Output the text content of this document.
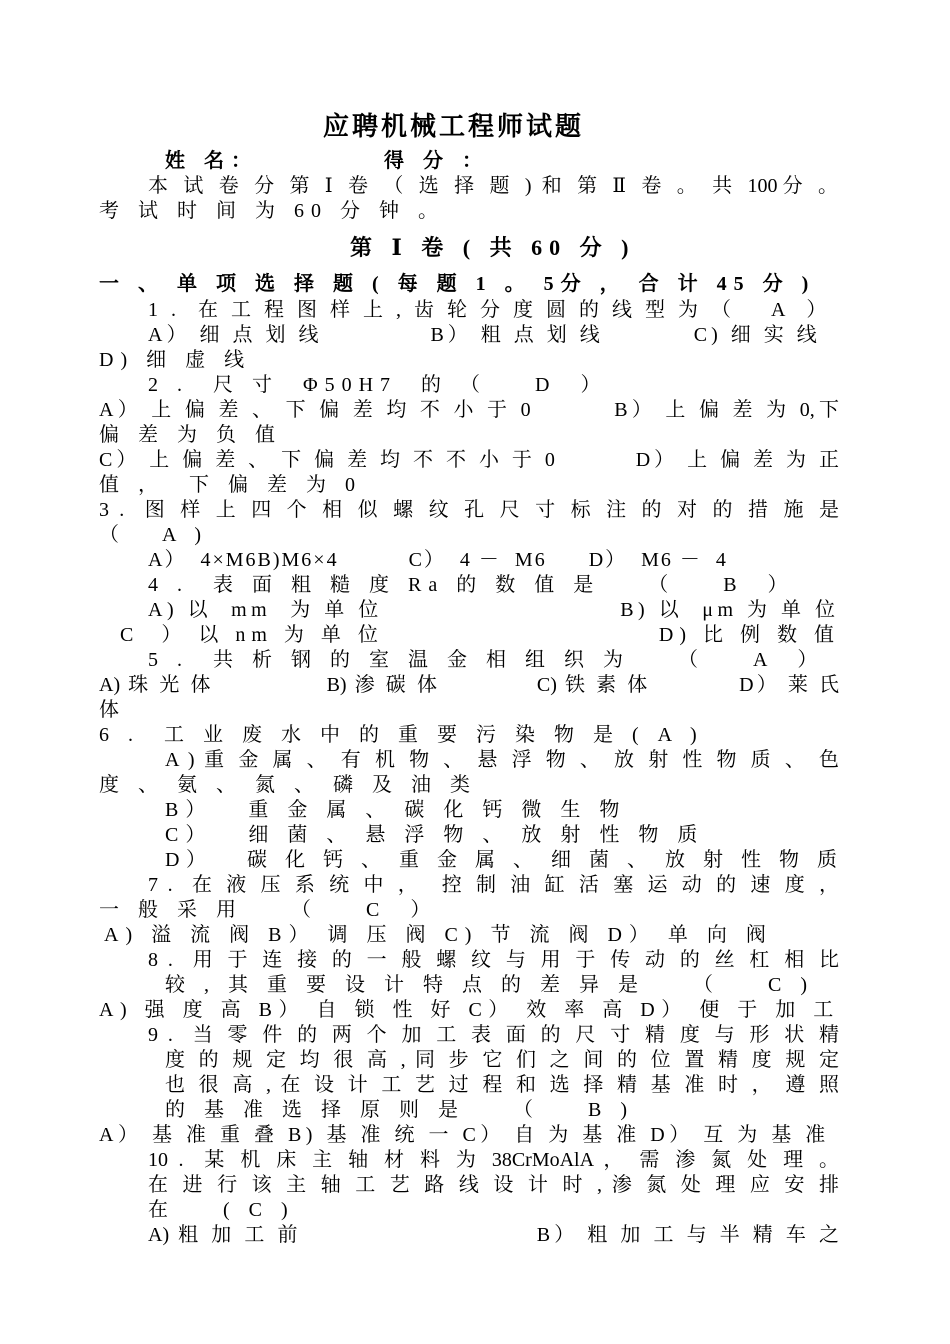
应聘机械工程师试题
姓 名：	得 分 ：
本 试 卷 分 第 Ⅰ 卷 （ 选 择 题 ) 和 第 Ⅱ 卷 。 共 100分 。
考 试 时 间 为 60 分 钟 。
第 Ⅰ 卷 ( 共 60 分 )
一 、 单 项 选 择 题 ( 每 题 1 。 5分 ， 合 计 45 分 )
1 .  在 工 程 图 样 上 , 齿 轮 分 度 圆 的 线 型 为 （    A  ）
A） 细 点 划 线            B） 粗 点 划 线          C) 细 实 线
D) 细 虚 线
2 .  尺 寸  Φ50H7  的 （    D  ）
A） 上 偏 差 、 下 偏 差 均 不 小 于 0         B） 上 偏 差 为 0,下
偏 差 为 负 值
C） 上 偏 差 、 下 偏 差 均 不 不 小 于 0         D） 上 偏 差 为 正
值 ，  下 偏 差 为 0
3 .  图 样 上 四 个 相 似 螺 纹 孔 尺 寸 标 注 的 对 的 措 施 是
（   A )
A）  4×M6B)M6×4          C）  4 －  M6      D）  M6 －  4
4 .  表 面 粗 糙 度 Ra 的 数 值 是    （    B  ）
A) 以  mm  为 单 位                         B) 以  μm 为 单 位
C  ） 以 nm 为 单 位                         D) 比 例 数 值
5 .  共 析 钢 的 室 温 金 相 组 织 为    （    A  ）
A) 珠 光 体              B) 渗 碳 体            C) 铁 素 体           D） 莱 氏
体
6 .  工 业 废 水 中 的 重 要 污 染 物 是 ( A )
A ) 重 金 属 、 有 机 物 、 悬 浮 物 、 放 射 性 物 质 、 色
度 、 氨 、 氮 、 磷 及 油 类
B）   重 金 属 、 碳 化 钙 微 生 物
C）   细 菌 、 悬 浮 物 、 放 射 性 物 质
D）   碳 化 钙 、 重 金 属 、 细 菌 、 放 射 性 物 质
7 .  在 液 压 系 统 中 ，  控 制 油 缸 活 塞 运 动 的 速 度 ，
一 般 采 用    （    C  ）
A) 溢 流 阀 B） 调 压 阀 C) 节 流 阀 D） 单 向 阀
8 .  用 于 连 接 的 一 般 螺 纹 与 用 于 传 动 的 丝 杠 相 比
较 , 其 重 要 设 计 特 点 的 差 异 是    （    C )
A) 强 度 高 B） 自 锁 性 好 C） 效 率 高 D） 便 于 加 工
9 .  当 零 件 的 两 个 加 工 表 面 的 尺 寸 精 度 与 形 状 精
度 的 规 定 均 很 高 , 同 步 它 们 之 间 的 位 置 精 度 规 定
也 很 高 , 在 设 计 工 艺 过 程 和 选 择 精 基 准 时 ， 遵 照
的 基 准 选 择 原 则 是    （    B )
A） 基 准 重 叠 B) 基 准 统 一 C） 自 为 基 准 D） 互 为 基 准
10 .  某 机 床 主 轴 材 料 为 38CrMoAlA ， 需 渗 氮 处 理 。
在 进 行 该 主 轴 工 艺 路 线 设 计 时 , 渗 氮 处 理 应 安 排
在    ( C )
A) 粗 加 工 前                          B） 粗 加 工 与 半 精 车 之
